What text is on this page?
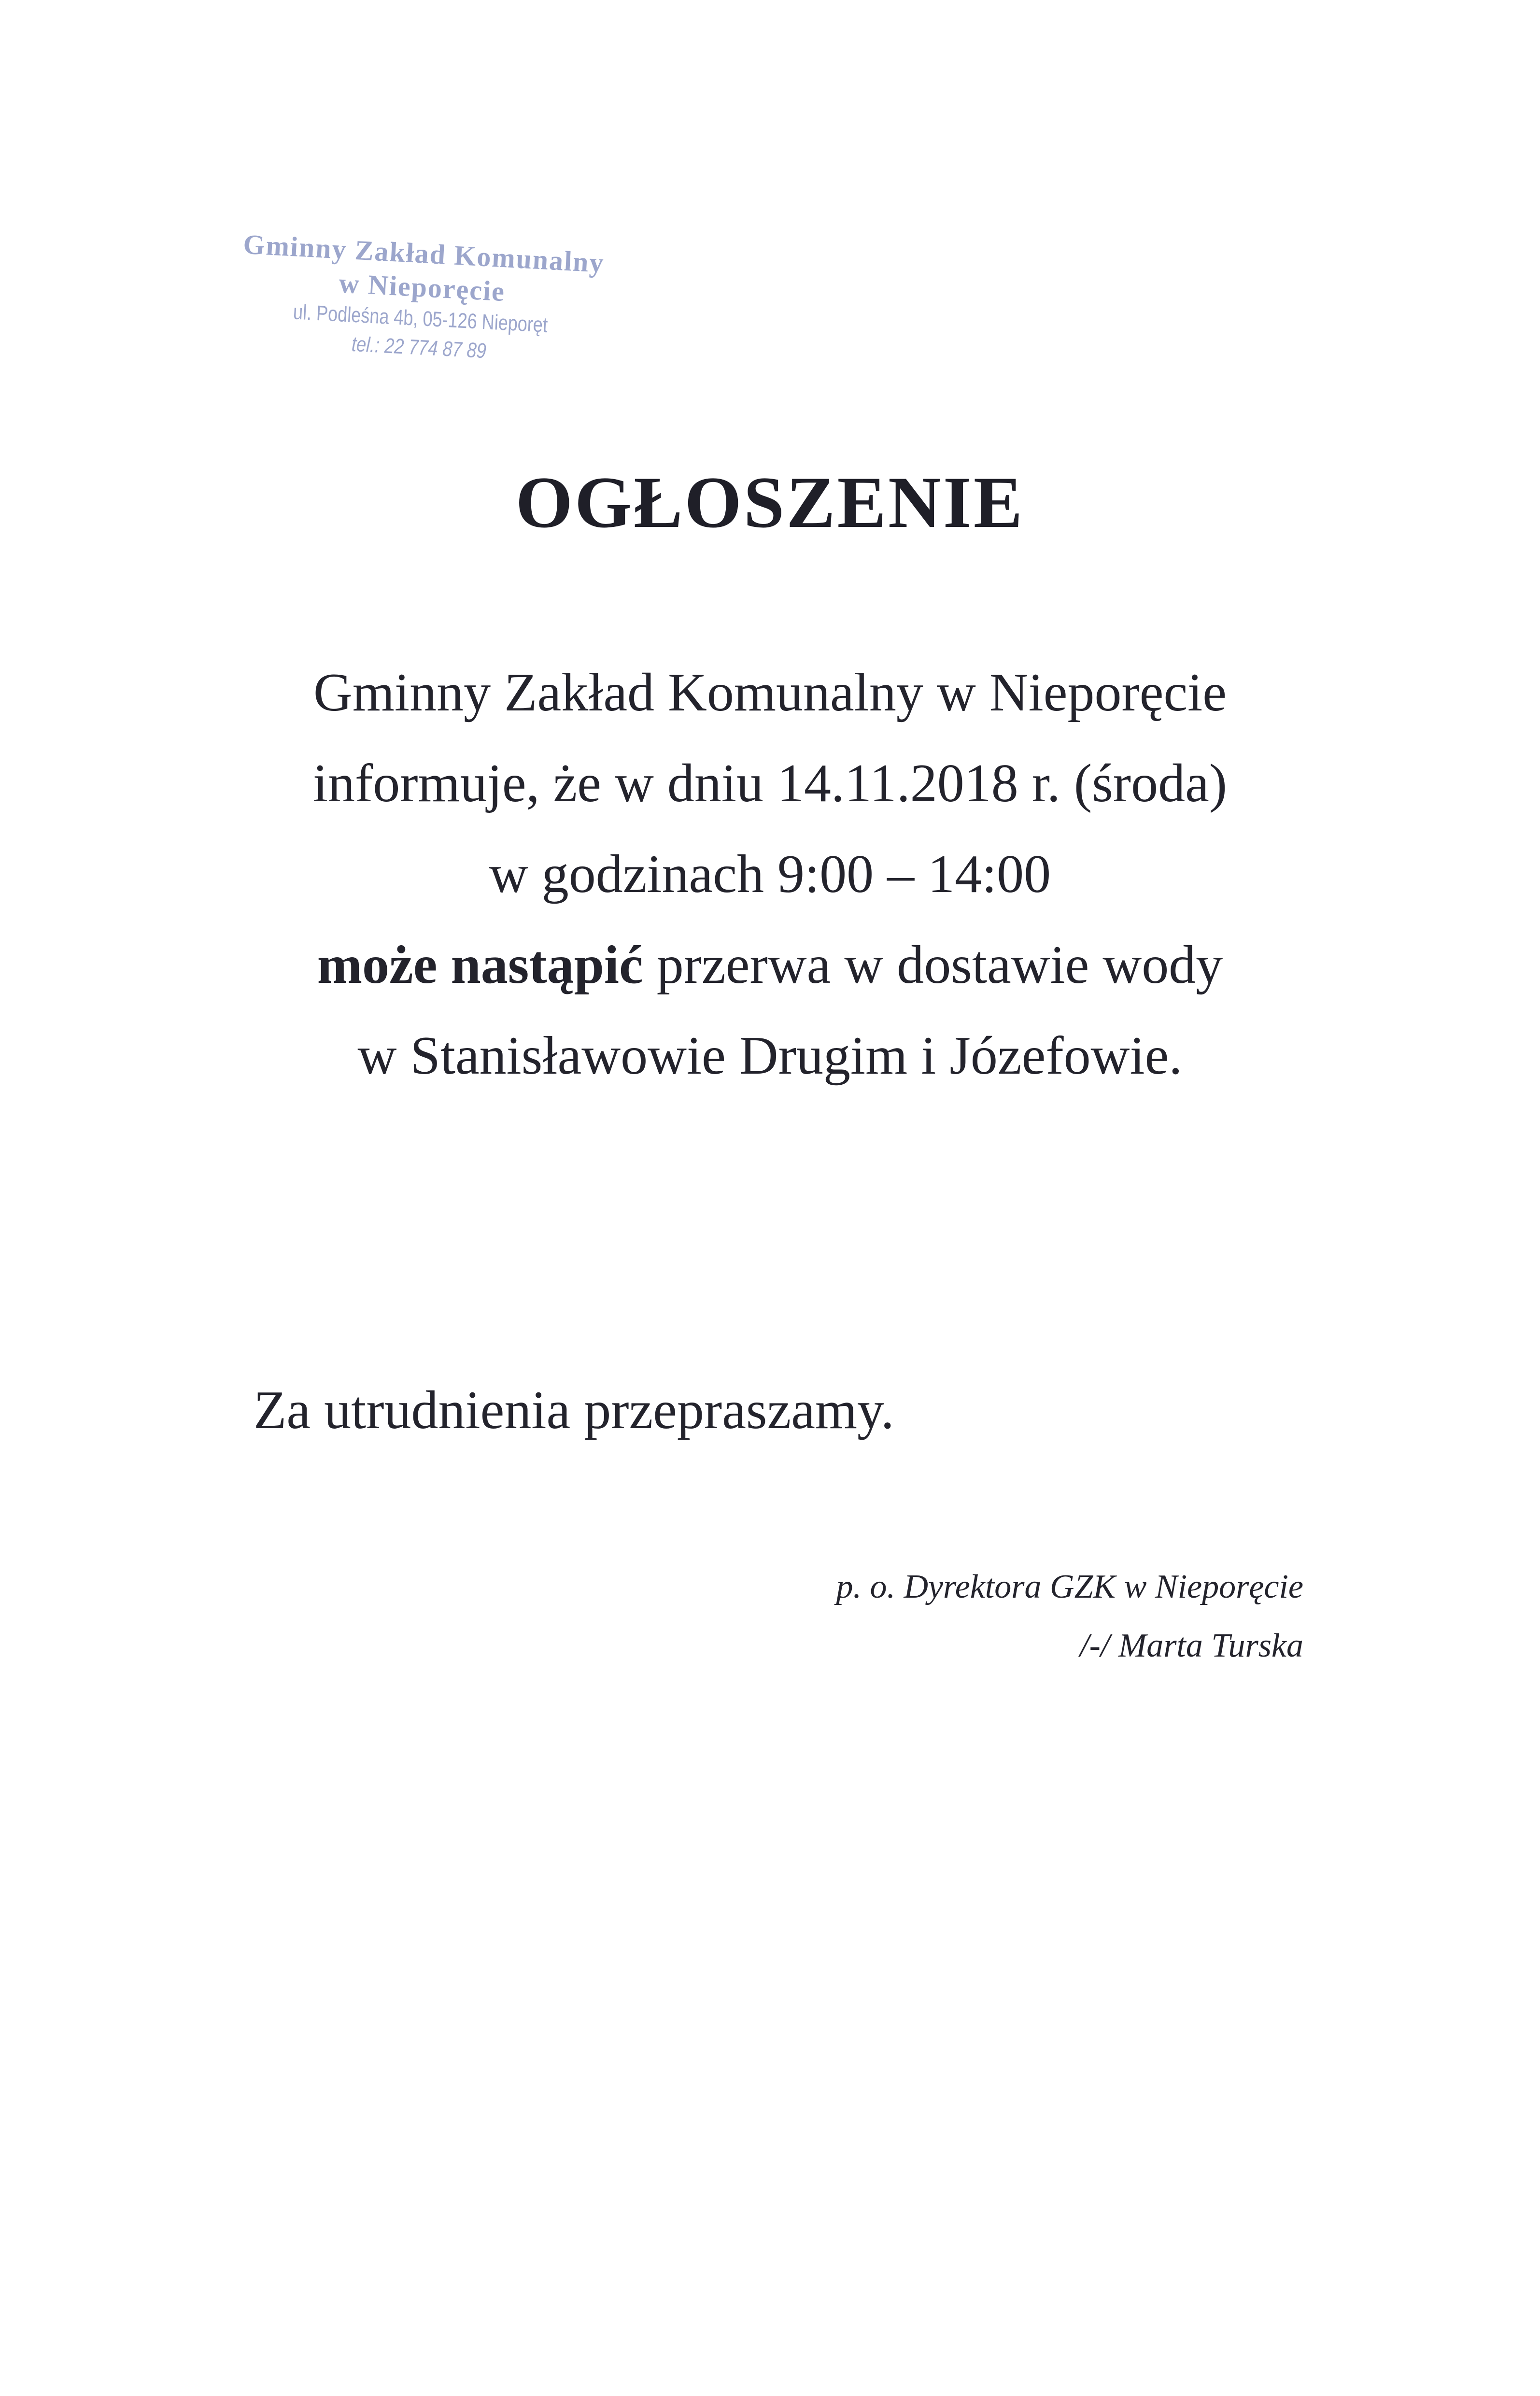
Gminny Zakład Komunalny
w Nieporęcie
ul. Podleśna 4b, 05-126 Nieporęt
tel.: 22 774 87 89
OGŁOSZENIE
Gminny Zakład Komunalny w Nieporęcie
informuje, że w dniu 14.11.2018 r. (środa)
w godzinach 9:00 – 14:00
może nastąpić przerwa w dostawie wody
w Stanisławowie Drugim i Józefowie.
Za utrudnienia przepraszamy.
p. o. Dyrektora GZK w Nieporęcie
/-/ Marta Turska
